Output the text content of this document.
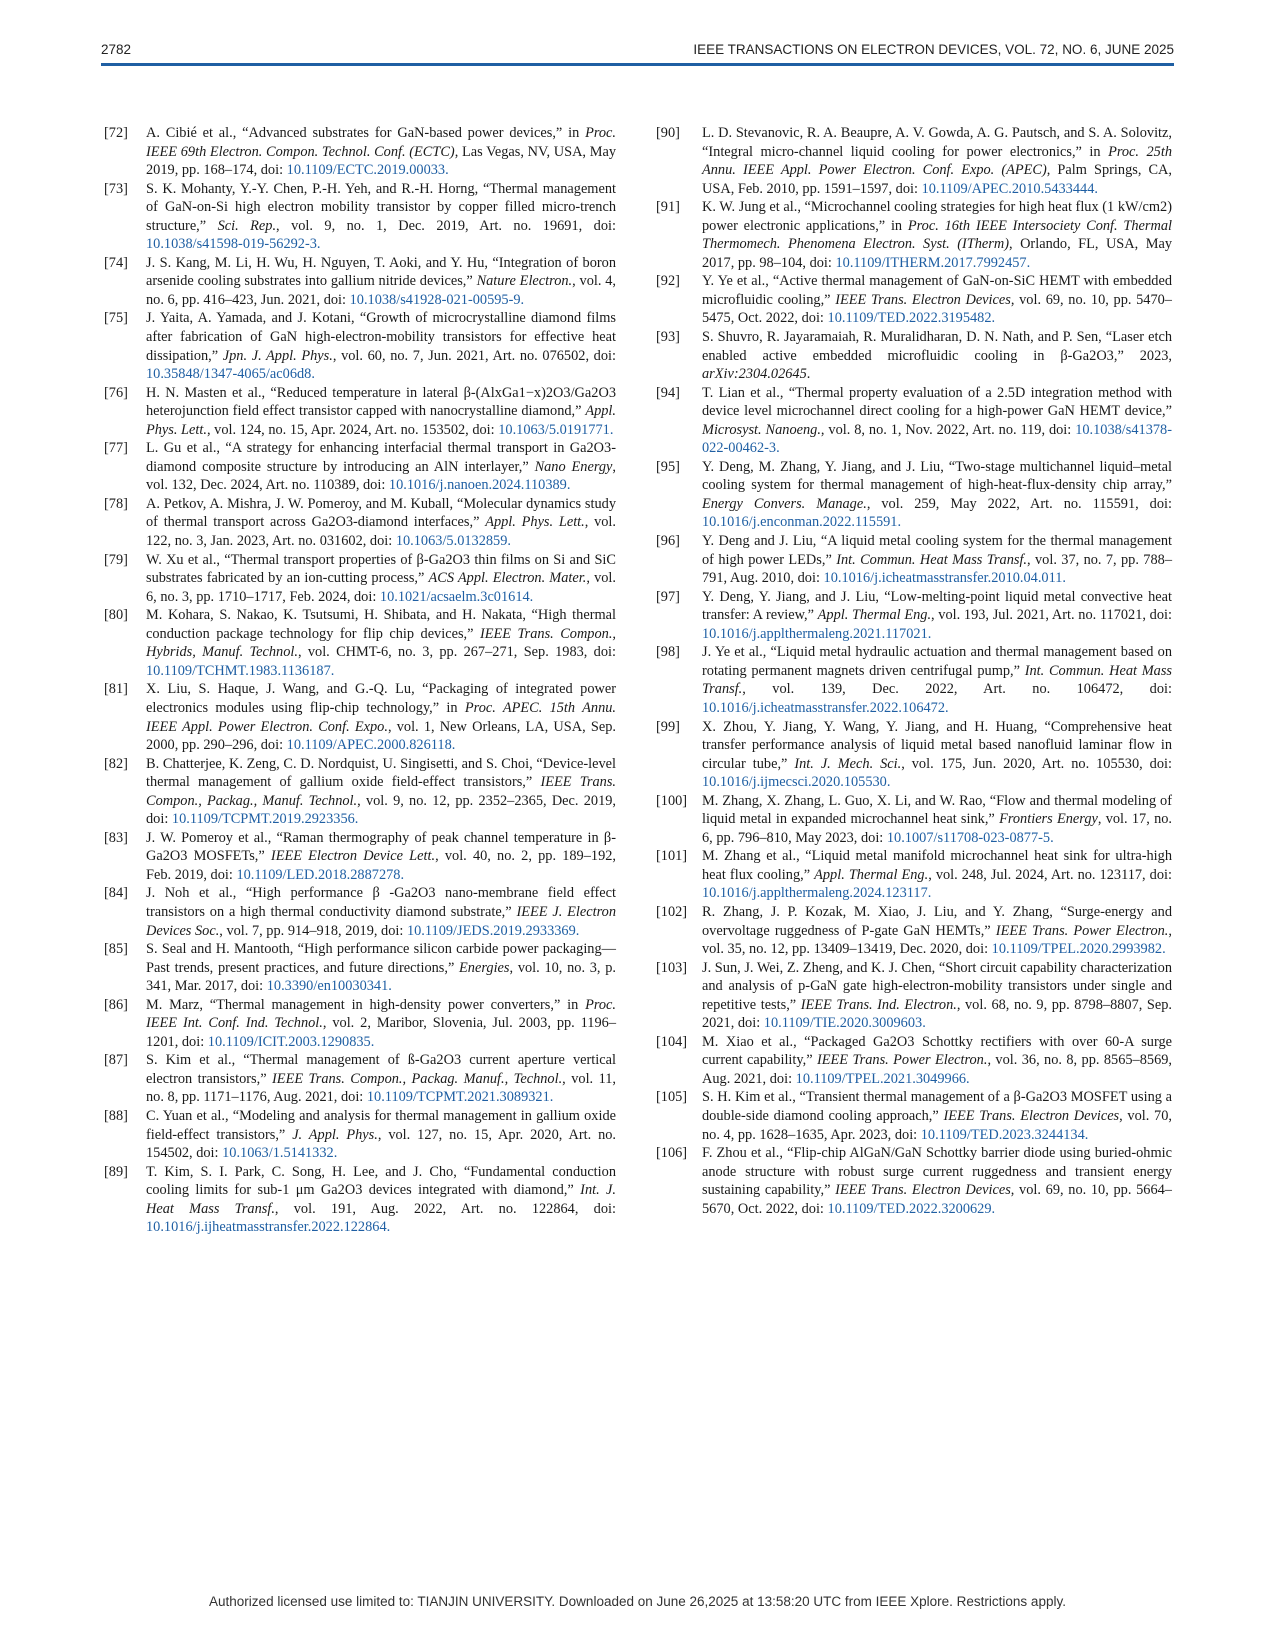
2782	IEEE TRANSACTIONS ON ELECTRON DEVICES, VOL. 72, NO. 6, JUNE 2025
[72] A. Cibié et al., “Advanced substrates for GaN-based power devices,” in Proc. IEEE 69th Electron. Compon. Technol. Conf. (ECTC), Las Vegas, NV, USA, May 2019, pp. 168–174, doi: 10.1109/ECTC.2019.00033.
[73] S. K. Mohanty, Y.-Y. Chen, P.-H. Yeh, and R.-H. Horng, “Thermal management of GaN-on-Si high electron mobility transistor by copper filled micro-trench structure,” Sci. Rep., vol. 9, no. 1, Dec. 2019, Art. no. 19691, doi: 10.1038/s41598-019-56292-3.
[74] J. S. Kang, M. Li, H. Wu, H. Nguyen, T. Aoki, and Y. Hu, “Integration of boron arsenide cooling substrates into gallium nitride devices,” Nature Electron., vol. 4, no. 6, pp. 416–423, Jun. 2021, doi: 10.1038/s41928-021-00595-9.
[75] J. Yaita, A. Yamada, and J. Kotani, “Growth of microcrystalline diamond films after fabrication of GaN high-electron-mobility transistors for effective heat dissipation,” Jpn. J. Appl. Phys., vol. 60, no. 7, Jun. 2021, Art. no. 076502, doi: 10.35848/1347-4065/ac06d8.
[76] H. N. Masten et al., “Reduced temperature in lateral β-(AlxGa1−x)2O3/Ga2O3 heterojunction field effect transistor capped with nanocrystalline diamond,” Appl. Phys. Lett., vol. 124, no. 15, Apr. 2024, Art. no. 153502, doi: 10.1063/5.0191771.
[77] L. Gu et al., “A strategy for enhancing interfacial thermal transport in Ga2O3-diamond composite structure by introducing an AlN interlayer,” Nano Energy, vol. 132, Dec. 2024, Art. no. 110389, doi: 10.1016/j.nanoen.2024.110389.
[78] A. Petkov, A. Mishra, J. W. Pomeroy, and M. Kuball, “Molecular dynamics study of thermal transport across Ga2O3-diamond interfaces,” Appl. Phys. Lett., vol. 122, no. 3, Jan. 2023, Art. no. 031602, doi: 10.1063/5.0132859.
[79] W. Xu et al., “Thermal transport properties of β-Ga2O3 thin films on Si and SiC substrates fabricated by an ion-cutting process,” ACS Appl. Electron. Mater., vol. 6, no. 3, pp. 1710–1717, Feb. 2024, doi: 10.1021/acsaelm.3c01614.
[80] M. Kohara, S. Nakao, K. Tsutsumi, H. Shibata, and H. Nakata, “High thermal conduction package technology for flip chip devices,” IEEE Trans. Compon., Hybrids, Manuf. Technol., vol. CHMT-6, no. 3, pp. 267–271, Sep. 1983, doi: 10.1109/TCHMT.1983.1136187.
[81] X. Liu, S. Haque, J. Wang, and G.-Q. Lu, “Packaging of integrated power electronics modules using flip-chip technology,” in Proc. APEC. 15th Annu. IEEE Appl. Power Electron. Conf. Expo., vol. 1, New Orleans, LA, USA, Sep. 2000, pp. 290–296, doi: 10.1109/APEC.2000.826118.
[82] B. Chatterjee, K. Zeng, C. D. Nordquist, U. Singisetti, and S. Choi, “Device-level thermal management of gallium oxide field-effect transistors,” IEEE Trans. Compon., Packag., Manuf. Technol., vol. 9, no. 12, pp. 2352–2365, Dec. 2019, doi: 10.1109/TCPMT.2019.2923356.
[83] J. W. Pomeroy et al., “Raman thermography of peak channel temperature in β-Ga2O3 MOSFETs,” IEEE Electron Device Lett., vol. 40, no. 2, pp. 189–192, Feb. 2019, doi: 10.1109/LED.2018.2887278.
[84] J. Noh et al., “High performance β -Ga2O3 nano-membrane field effect transistors on a high thermal conductivity diamond substrate,” IEEE J. Electron Devices Soc., vol. 7, pp. 914–918, 2019, doi: 10.1109/JEDS.2019.2933369.
[85] S. Seal and H. Mantooth, “High performance silicon carbide power packaging—Past trends, present practices, and future directions,” Energies, vol. 10, no. 3, p. 341, Mar. 2017, doi: 10.3390/en10030341.
[86] M. Marz, “Thermal management in high-density power converters,” in Proc. IEEE Int. Conf. Ind. Technol., vol. 2, Maribor, Slovenia, Jul. 2003, pp. 1196–1201, doi: 10.1109/ICIT.2003.1290835.
[87] S. Kim et al., “Thermal management of ß-Ga2O3 current aperture vertical electron transistors,” IEEE Trans. Compon., Packag. Manuf., Technol., vol. 11, no. 8, pp. 1171–1176, Aug. 2021, doi: 10.1109/TCPMT.2021.3089321.
[88] C. Yuan et al., “Modeling and analysis for thermal management in gallium oxide field-effect transistors,” J. Appl. Phys., vol. 127, no. 15, Apr. 2020, Art. no. 154502, doi: 10.1063/1.5141332.
[89] T. Kim, S. I. Park, C. Song, H. Lee, and J. Cho, “Fundamental conduction cooling limits for sub-1 μm Ga2O3 devices integrated with diamond,” Int. J. Heat Mass Transf., vol. 191, Aug. 2022, Art. no. 122864, doi: 10.1016/j.ijheatmasstransfer.2022.122864.
[90] L. D. Stevanovic, R. A. Beaupre, A. V. Gowda, A. G. Pautsch, and S. A. Solovitz, “Integral micro-channel liquid cooling for power electronics,” in Proc. 25th Annu. IEEE Appl. Power Electron. Conf. Expo. (APEC), Palm Springs, CA, USA, Feb. 2010, pp. 1591–1597, doi: 10.1109/APEC.2010.5433444.
[91] K. W. Jung et al., “Microchannel cooling strategies for high heat flux (1 kW/cm2) power electronic applications,” in Proc. 16th IEEE Intersociety Conf. Thermal Thermomech. Phenomena Electron. Syst. (ITherm), Orlando, FL, USA, May 2017, pp. 98–104, doi: 10.1109/ITHERM.2017.7992457.
[92] Y. Ye et al., “Active thermal management of GaN-on-SiC HEMT with embedded microfluidic cooling,” IEEE Trans. Electron Devices, vol. 69, no. 10, pp. 5470–5475, Oct. 2022, doi: 10.1109/TED.2022.3195482.
[93] S. Shuvro, R. Jayaramaiah, R. Muralidharan, D. N. Nath, and P. Sen, “Laser etch enabled active embedded microfluidic cooling in β-Ga2O3,” 2023, arXiv:2304.02645.
[94] T. Lian et al., “Thermal property evaluation of a 2.5D integration method with device level microchannel direct cooling for a high-power GaN HEMT device,” Microsyst. Nanoeng., vol. 8, no. 1, Nov. 2022, Art. no. 119, doi: 10.1038/s41378-022-00462-3.
[95] Y. Deng, M. Zhang, Y. Jiang, and J. Liu, “Two-stage multichannel liquid–metal cooling system for thermal management of high-heat-flux-density chip array,” Energy Convers. Manage., vol. 259, May 2022, Art. no. 115591, doi: 10.1016/j.enconman.2022.115591.
[96] Y. Deng and J. Liu, “A liquid metal cooling system for the thermal management of high power LEDs,” Int. Commun. Heat Mass Transf., vol. 37, no. 7, pp. 788–791, Aug. 2010, doi: 10.1016/j.icheatmasstransfer.2010.04.011.
[97] Y. Deng, Y. Jiang, and J. Liu, “Low-melting-point liquid metal convective heat transfer: A review,” Appl. Thermal Eng., vol. 193, Jul. 2021, Art. no. 117021, doi: 10.1016/j.applthermaleng.2021.117021.
[98] J. Ye et al., “Liquid metal hydraulic actuation and thermal management based on rotating permanent magnets driven centrifugal pump,” Int. Commun. Heat Mass Transf., vol. 139, Dec. 2022, Art. no. 106472, doi: 10.1016/j.icheatmasstransfer.2022.106472.
[99] X. Zhou, Y. Jiang, Y. Wang, Y. Jiang, and H. Huang, “Comprehensive heat transfer performance analysis of liquid metal based nanofluid laminar flow in circular tube,” Int. J. Mech. Sci., vol. 175, Jun. 2020, Art. no. 105530, doi: 10.1016/j.ijmecsci.2020.105530.
[100] M. Zhang, X. Zhang, L. Guo, X. Li, and W. Rao, “Flow and thermal modeling of liquid metal in expanded microchannel heat sink,” Frontiers Energy, vol. 17, no. 6, pp. 796–810, May 2023, doi: 10.1007/s11708-023-0877-5.
[101] M. Zhang et al., “Liquid metal manifold microchannel heat sink for ultra-high heat flux cooling,” Appl. Thermal Eng., vol. 248, Jul. 2024, Art. no. 123117, doi: 10.1016/j.applthermaleng.2024.123117.
[102] R. Zhang, J. P. Kozak, M. Xiao, J. Liu, and Y. Zhang, “Surge-energy and overvoltage ruggedness of P-gate GaN HEMTs,” IEEE Trans. Power Electron., vol. 35, no. 12, pp. 13409–13419, Dec. 2020, doi: 10.1109/TPEL.2020.2993982.
[103] J. Sun, J. Wei, Z. Zheng, and K. J. Chen, “Short circuit capability characterization and analysis of p-GaN gate high-electron-mobility transistors under single and repetitive tests,” IEEE Trans. Ind. Electron., vol. 68, no. 9, pp. 8798–8807, Sep. 2021, doi: 10.1109/TIE.2020.3009603.
[104] M. Xiao et al., “Packaged Ga2O3 Schottky rectifiers with over 60-A surge current capability,” IEEE Trans. Power Electron., vol. 36, no. 8, pp. 8565–8569, Aug. 2021, doi: 10.1109/TPEL.2021.3049966.
[105] S. H. Kim et al., “Transient thermal management of a β-Ga2O3 MOSFET using a double-side diamond cooling approach,” IEEE Trans. Electron Devices, vol. 70, no. 4, pp. 1628–1635, Apr. 2023, doi: 10.1109/TED.2023.3244134.
[106] F. Zhou et al., “Flip-chip AlGaN/GaN Schottky barrier diode using buried-ohmic anode structure with robust surge current ruggedness and transient energy sustaining capability,” IEEE Trans. Electron Devices, vol. 69, no. 10, pp. 5664–5670, Oct. 2022, doi: 10.1109/TED.2022.3200629.
Authorized licensed use limited to: TIANJIN UNIVERSITY. Downloaded on June 26,2025 at 13:58:20 UTC from IEEE Xplore. Restrictions apply.
